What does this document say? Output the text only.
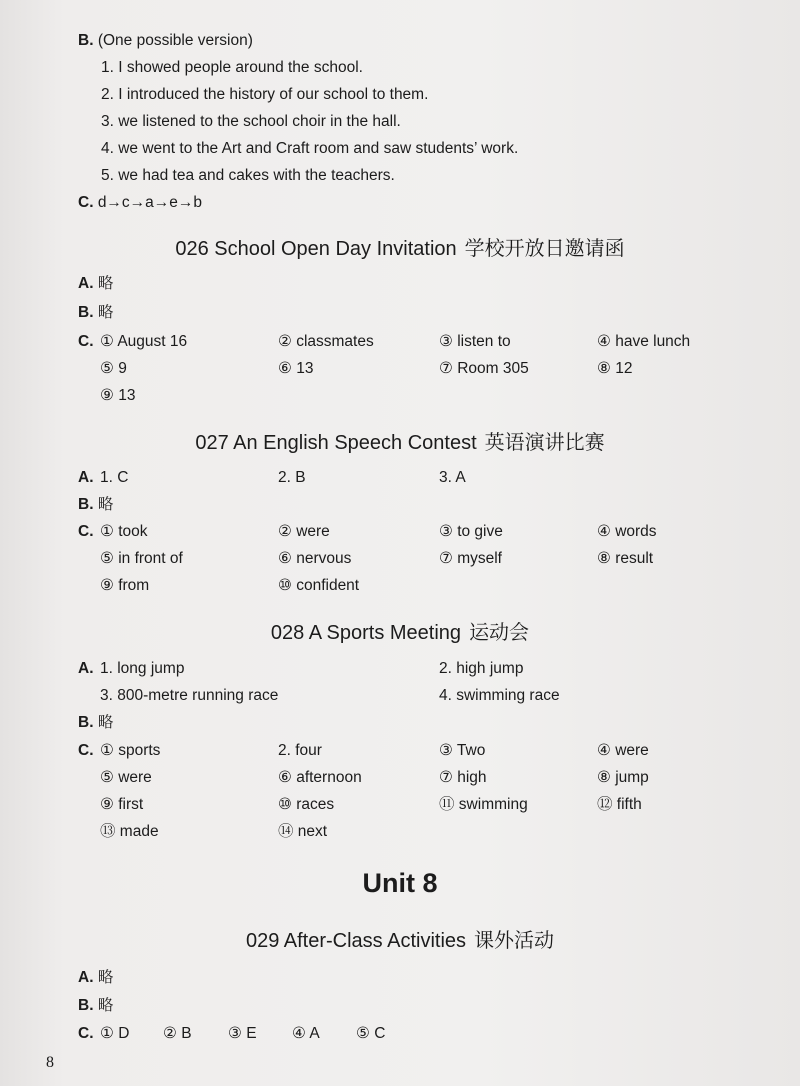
B. (One possible version)
1. I showed people around the school.
2. I introduced the history of our school to them.
3. we listened to the school choir in the hall.
4. we went to the Art and Craft room and saw students’ work.
5. we had tea and cakes with the teachers.
C. d→c→a→e→b
026 School Open Day Invitation 学校开放日邀请函
A. 略
B. 略
C. ① August 16	② classmates	③ listen to	④ have lunch
⑤ 9	⑥ 13	⑦ Room 305	⑧ 12
⑨ 13
027 An English Speech Contest 英语演讲比赛
A. 1. C	2. B	3. A
B. 略
C. ① took	② were	③ to give	④ words
⑤ in front of	⑥ nervous	⑦ myself	⑧ result
⑨ from	⑩ confident
028 A Sports Meeting 运动会
A. 1. long jump	2. high jump
3. 800-metre running race	4. swimming race
B. 略
C. ① sports	2. four	③ Two	④ were
⑤ were	⑥ afternoon	⑦ high	⑧ jump
⑨ first	⑩ races	⑪ swimming	⑫ fifth
⑬ made	⑭ next
Unit 8
029 After-Class Activities 课外活动
A. 略
B. 略
C. ① D ② B ③ E ④ A ⑤ C
8
